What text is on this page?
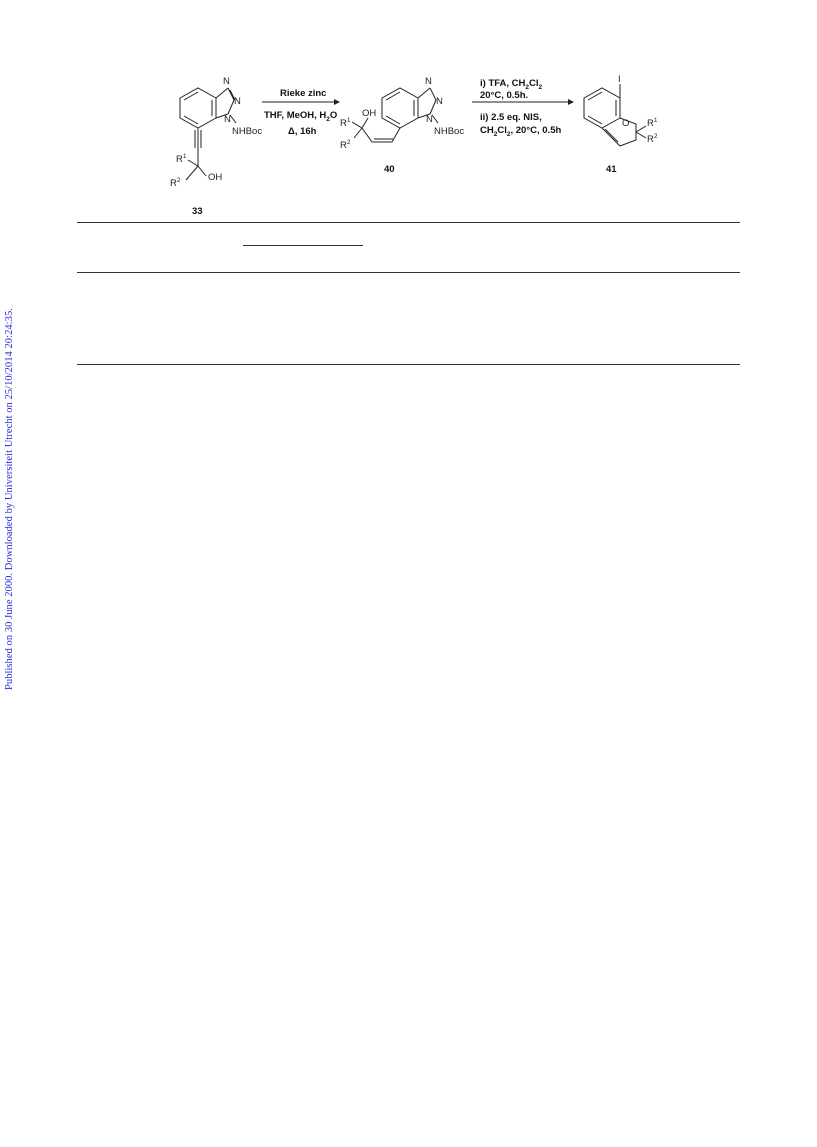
Published on 30 June 2000. Downloaded by Universiteit Utrecht on 25/10/2014 20:24:35.
N
N
N
NHBoc
$R^1$
$R^2$	OH
33
Rieke zinc
THF, MeOH, $H_2O$
Δ, 16h
N
N
N
NHBoc
$R^1$
$R^2$
OH
40
i) TFA, $CH_2Cl_2$
20°C, 0.5h.
ii) 2.5 eq. NIS,
$CH_2Cl_2$, 20°C, 0.5h
I
O $R^1$
$R^2$
41
